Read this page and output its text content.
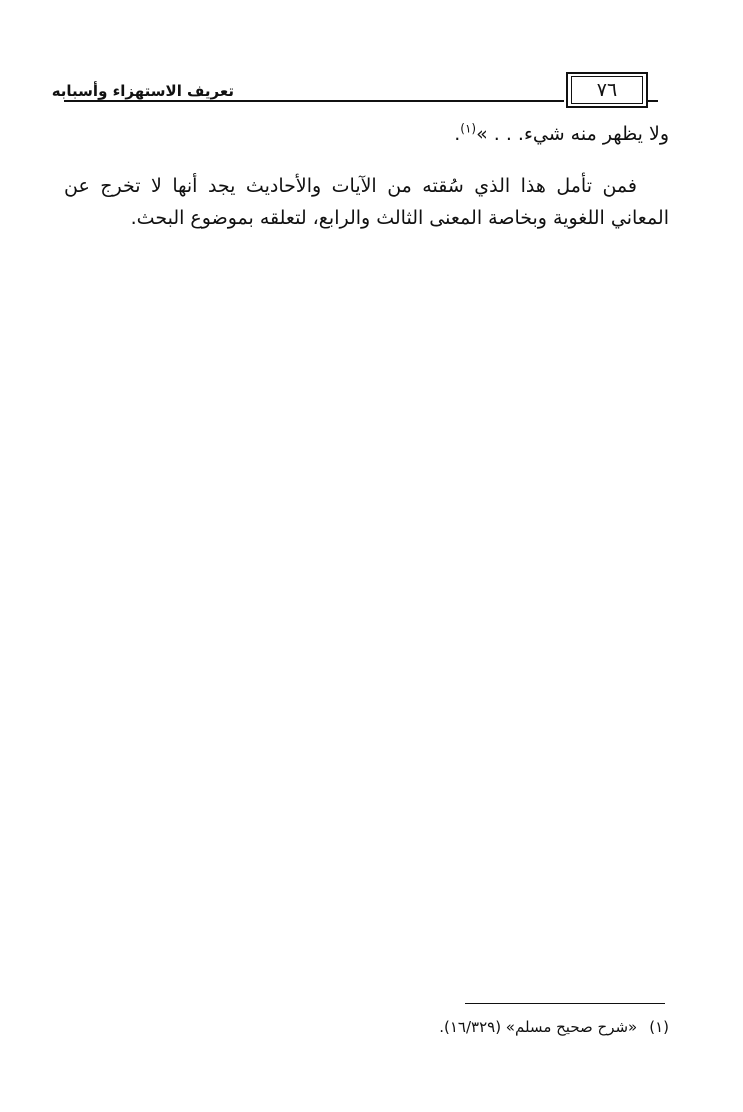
تعريف الاستهزاء وأسبابه	٧٦

ولا يظهر منه شيء. . . »$^{(١)}$.

فمن تأمل هذا الذي سُقته من الآيات والأحاديث يجد أنها لا تخرج عن المعاني اللغوية وبخاصة المعنى الثالث والرابع، لتعلقه بموضوع البحث.

(١)«شرح صحيح مسلم» (١٦/٣٢٩).
